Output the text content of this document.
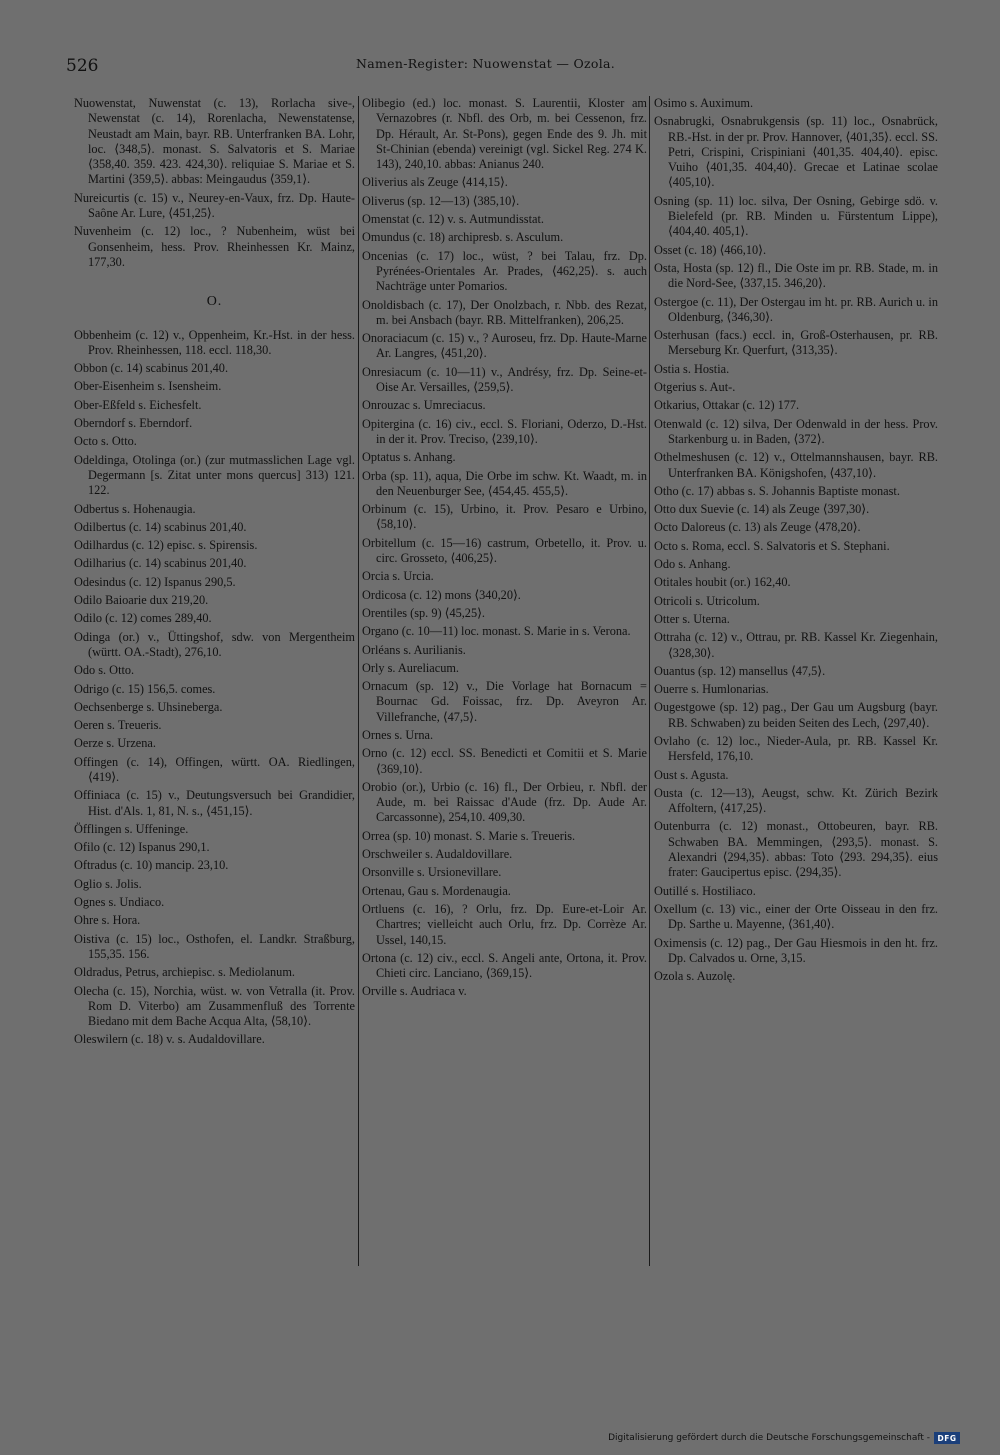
526	Namen-Register: Nuowenstat — Ozola.

Nuowenstat, Nuwenstat (c. 13), Rorlacha sive-, Newenstat (c. 14), Rorenlacha, Newenstatense, Neustadt am Main, bayr. RB. Unterfranken BA. Lohr, loc. ⟨348,5⟩. monast. S. Salvatoris et S. Mariae ⟨358,40. 359. 423. 424,30⟩. reliquiae S. Mariae et S. Martini ⟨359,5⟩. abbas: Meingaudus ⟨359,1⟩.

Nureicurtis (c. 15) v., Neurey-en-Vaux, frz. Dp. Haute-Saône Ar. Lure, ⟨451,25⟩.

Nuvenheim (c. 12) loc., ? Nubenheim, wüst bei Gonsenheim, hess. Prov. Rheinhessen Kr. Mainz, 177,30.

O.

Obbenheim (c. 12) v., Oppenheim, Kr.-Hst. in der hess. Prov. Rheinhessen, 118. eccl. 118,30.

Obbon (c. 14) scabinus 201,40.

Ober-Eisenheim s. Isensheim.

Ober-Eßfeld s. Eichesfelt.

Oberndorf s. Eberndorf.

Octo s. Otto.

Odeldinga, Otolinga (or.) (zur mutmasslichen Lage vgl. Degermann [s. Zitat unter mons quercus] 313) 121. 122.

Odbertus s. Hohenaugia.

Odilbertus (c. 14) scabinus 201,40.

Odilhardus (c. 12) episc. s. Spirensis.

Odilharius (c. 14) scabinus 201,40.

Odesindus (c. 12) Ispanus 290,5.

Odilo Baioarie dux 219,20.

Odilo (c. 12) comes 289,40.

Odinga (or.) v., Üttingshof, sdw. von Mergentheim (württ. OA.-Stadt), 276,10.

Odo s. Otto.

Odrigo (c. 15) 156,5. comes.

Oechsenberge s. Uhsineberga.

Oeren s. Treueris.

Oerze s. Urzena.

Offingen (c. 14), Offingen, württ. OA. Riedlingen, ⟨419⟩.

Offiniaca (c. 15) v., Deutungsversuch bei Grandidier, Hist. d'Als. 1, 81, N. s., ⟨451,15⟩.

Öfflingen s. Uffeninge.

Ofilo (c. 12) Ispanus 290,1.

Oftradus (c. 10) mancip. 23,10.

Oglio s. Jolis.

Ognes s. Undiaco.

Ohre s. Hora.

Oistiva (c. 15) loc., Osthofen, el. Landkr. Straßburg, 155,35. 156.

Oldradus, Petrus, archiepisc. s. Mediolanum.

Olecha (c. 15), Norchia, wüst. w. von Vetralla (it. Prov. Rom D. Viterbo) am Zusammenfluß des Torrente Biedano mit dem Bache Acqua Alta, ⟨58,10⟩.

Oleswilern (c. 18) v. s. Audaldovillare.

Olibegio (ed.) loc. monast. S. Laurentii, Kloster am Vernazobres (r. Nbfl. des Orb, m. bei Cessenon, frz. Dp. Hérault, Ar. St-Pons), gegen Ende des 9. Jh. mit St-Chinian (ebenda) vereinigt (vgl. Sickel Reg. 274 K. 143), 240,10. abbas: Anianus 240.

Oliverius als Zeuge ⟨414,15⟩.

Oliverus (sp. 12—13) ⟨385,10⟩.

Omenstat (c. 12) v. s. Autmundisstat.

Omundus (c. 18) archipresb. s. Asculum.

Oncenias (c. 17) loc., wüst, ? bei Talau, frz. Dp. Pyrénées-Orientales Ar. Prades, ⟨462,25⟩. s. auch Nachträge unter Pomarios.

Onoldisbach (c. 17), Der Onolzbach, r. Nbb. des Rezat, m. bei Ansbach (bayr. RB. Mittelfranken), 206,25.

Onoraciacum (c. 15) v., ? Auroseu, frz. Dp. Haute-Marne Ar. Langres, ⟨451,20⟩.

Onresiacum (c. 10—11) v., Andrésy, frz. Dp. Seine-et-Oise Ar. Versailles, ⟨259,5⟩.

Onrouzac s. Umreciacus.

Opitergina (c. 16) civ., eccl. S. Floriani, Oderzo, D.-Hst. in der it. Prov. Treciso, ⟨239,10⟩.

Optatus s. Anhang.

Orba (sp. 11), aqua, Die Orbe im schw. Kt. Waadt, m. in den Neuenburger See, ⟨454,45. 455,5⟩.

Orbinum (c. 15), Urbino, it. Prov. Pesaro e Urbino, ⟨58,10⟩.

Orbitellum (c. 15—16) castrum, Orbetello, it. Prov. u. circ. Grosseto, ⟨406,25⟩.

Orcia s. Urcia.

Ordicosa (c. 12) mons ⟨340,20⟩.

Orentiles (sp. 9) ⟨45,25⟩.

Organo (c. 10—11) loc. monast. S. Marie in s. Verona.

Orléans s. Aurilianis.

Orly s. Aureliacum.

Ornacum (sp. 12) v., Die Vorlage hat Bornacum = Bournac Gd. Foissac, frz. Dp. Aveyron Ar. Villefranche, ⟨47,5⟩.

Ornes s. Urna.

Orno (c. 12) eccl. SS. Benedicti et Comitii et S. Marie ⟨369,10⟩.

Orobio (or.), Urbio (c. 16) fl., Der Orbieu, r. Nbfl. der Aude, m. bei Raissac d'Aude (frz. Dp. Aude Ar. Carcassonne), 254,10. 409,30.

Orrea (sp. 10) monast. S. Marie s. Treueris.

Orschweiler s. Audaldovillare.

Orsonville s. Ursionevillare.

Ortenau, Gau s. Mordenaugia.

Ortluens (c. 16), ? Orlu, frz. Dp. Eure-et-Loir Ar. Chartres; vielleicht auch Orlu, frz. Dp. Corrèze Ar. Ussel, 140,15.

Ortona (c. 12) civ., eccl. S. Angeli ante, Ortona, it. Prov. Chieti circ. Lanciano, ⟨369,15⟩.

Orville s. Audriaca v.

Osimo s. Auximum.

Osnabrugki, Osnabrukgensis (sp. 11) loc., Osnabrück, RB.-Hst. in der pr. Prov. Hannover, ⟨401,35⟩. eccl. SS. Petri, Crispini, Crispiniani ⟨401,35. 404,40⟩. episc. Vuiho ⟨401,35. 404,40⟩. Grecae et Latinae scolae ⟨405,10⟩.

Osning (sp. 11) loc. silva, Der Osning, Gebirge sdö. v. Bielefeld (pr. RB. Minden u. Fürstentum Lippe), ⟨404,40. 405,1⟩.

Osset (c. 18) ⟨466,10⟩.

Osta, Hosta (sp. 12) fl., Die Oste im pr. RB. Stade, m. in die Nord-See, ⟨337,15. 346,20⟩.

Ostergoe (c. 11), Der Ostergau im ht. pr. RB. Aurich u. in Oldenburg, ⟨346,30⟩.

Osterhusan (facs.) eccl. in, Groß-Osterhausen, pr. RB. Merseburg Kr. Querfurt, ⟨313,35⟩.

Ostia s. Hostia.

Otgerius s. Aut-.

Otkarius, Ottakar (c. 12) 177.

Otenwald (c. 12) silva, Der Odenwald in der hess. Prov. Starkenburg u. in Baden, ⟨372⟩.

Othelmeshusen (c. 12) v., Ottelmannshausen, bayr. RB. Unterfranken BA. Königshofen, ⟨437,10⟩.

Otho (c. 17) abbas s. S. Johannis Baptiste monast.

Otto dux Suevie (c. 14) als Zeuge ⟨397,30⟩.

Octo Daloreus (c. 13) als Zeuge ⟨478,20⟩.

Octo s. Roma, eccl. S. Salvatoris et S. Stephani.

Odo s. Anhang.

Otitales houbit (or.) 162,40.

Otricoli s. Utricolum.

Otter s. Uterna.

Ottraha (c. 12) v., Ottrau, pr. RB. Kassel Kr. Ziegenhain, ⟨328,30⟩.

Ouantus (sp. 12) mansellus ⟨47,5⟩.

Ouerre s. Humlonarias.

Ougestgowe (sp. 12) pag., Der Gau um Augsburg (bayr. RB. Schwaben) zu beiden Seiten des Lech, ⟨297,40⟩.

Ovlaho (c. 12) loc., Nieder-Aula, pr. RB. Kassel Kr. Hersfeld, 176,10.

Oust s. Agusta.

Ousta (c. 12—13), Aeugst, schw. Kt. Zürich Bezirk Affoltern, ⟨417,25⟩.

Outenburra (c. 12) monast., Ottobeuren, bayr. RB. Schwaben BA. Memmingen, ⟨293,5⟩. monast. S. Alexandri ⟨294,35⟩. abbas: Toto ⟨293. 294,35⟩. eius frater: Gaucipertus episc. ⟨294,35⟩.

Outillé s. Hostiliaco.

Oxellum (c. 13) vic., einer der Orte Oisseau in den frz. Dp. Sarthe u. Mayenne, ⟨361,40⟩.

Oximensis (c. 12) pag., Der Gau Hiesmois in den ht. frz. Dp. Calvados u. Orne, 3,15.

Ozola s. Auzolę.

Digitalisierung gefördert durch die Deutsche Forschungsgemeinschaft - DFG
